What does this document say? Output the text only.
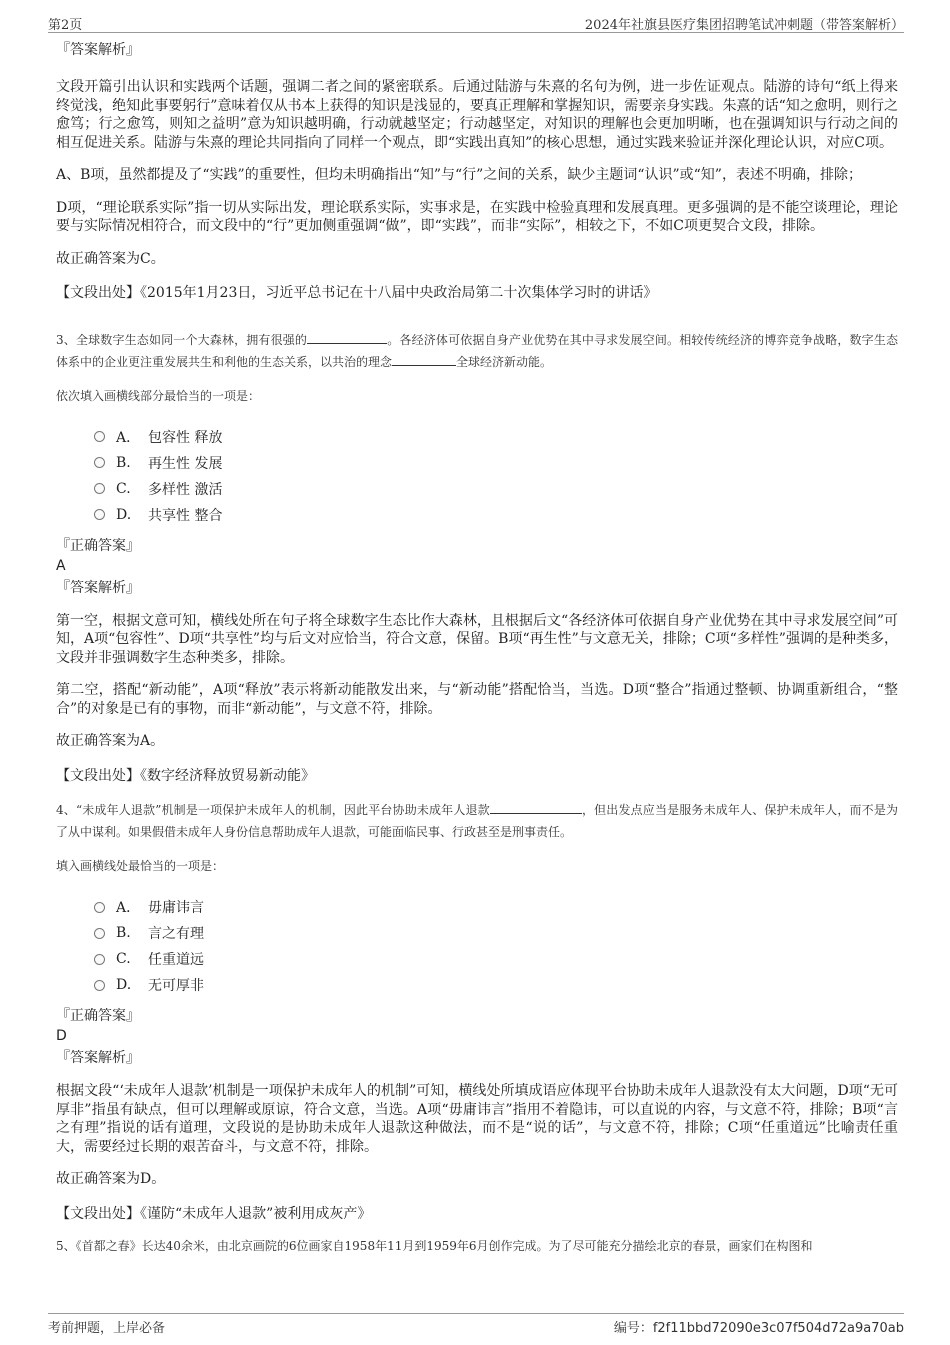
第2页	2024年社旗县医疗集团招聘笔试冲刺题（带答案解析）

『答案解析』

文段开篇引出认识和实践两个话题，强调二者之间的紧密联系。后通过陆游与朱熹的名句为例，进一步佐证观点。陆游的诗句“纸上得来终觉浅，绝知此事要躬行”意味着仅从书本上获得的知识是浅显的，要真正理解和掌握知识，需要亲身实践。朱熹的话“知之愈明，则行之愈笃；行之愈笃，则知之益明”意为知识越明确，行动就越坚定；行动越坚定，对知识的理解也会更加明晰，也在强调知识与行动之间的相互促进关系。陆游与朱熹的理论共同指向了同样一个观点，即“实践出真知”的核心思想，通过实践来验证并深化理论认识，对应C项。

A、B项，虽然都提及了“实践”的重要性，但均未明确指出“知”与“行”之间的关系，缺少主题词“认识”或“知”，表述不明确，排除；

D项，“理论联系实际”指一切从实际出发，理论联系实际，实事求是，在实践中检验真理和发展真理。更多强调的是不能空谈理论，理论要与实际情况相符合，而文段中的“行”更加侧重强调“做”，即“实践”，而非“实际”，相较之下，不如C项更契合文段，排除。

故正确答案为C。

【文段出处】《2015年1月23日，习近平总书记在十八届中央政治局第二十次集体学习时的讲话》

3、全球数字生态如同一个大森林，拥有很强的	。各经济体可依据自身产业优势在其中寻求发展空间。相较传统经济的博弈竞争战略，数字生态体系中的企业更注重发展共生和利他的生态关系，以共治的理念	全球经济新动能。

依次填入画横线部分最恰当的一项是：

A． 包容性 释放
B.	再生性 发展
C.	多样性 激活
D.	共享性 整合

『正确答案』

A

『答案解析』

第一空，根据文意可知，横线处所在句子将全球数字生态比作大森林，且根据后文“各经济体可依据自身产业优势在其中寻求发展空间”可知，A项“包容性”、D项“共享性”均与后文对应恰当，符合文意，保留。B项“再生性”与文意无关，排除；C项“多样性”强调的是种类多，文段并非强调数字生态种类多，排除。

第二空，搭配“新动能”，A项“释放”表示将新动能散发出来，与“新动能”搭配恰当，当选。D项“整合”指通过整顿、协调重新组合，“整合”的对象是已有的事物，而非“新动能”，与文意不符，排除。

故正确答案为A。

【文段出处】《数字经济释放贸易新动能》

4、“未成年人退款”机制是一项保护未成年人的机制，因此平台协助未成年人退款	，但出发点应当是服务未成年人、保护未成年人，而不是为了从中谋利。如果假借未成年人身份信息帮助成年人退款，可能面临民事、行政甚至是刑事责任。

填入画横线处最恰当的一项是：

A． 毋庸讳言
B.	言之有理
C.	任重道远
D.	无可厚非

『正确答案』

D

『答案解析』

根据文段“‘未成年人退款’机制是一项保护未成年人的机制”可知，横线处所填成语应体现平台协助未成年人退款没有太大问题，D项“无可厚非”指虽有缺点，但可以理解或原谅，符合文意，当选。A项“毋庸讳言”指用不着隐讳，可以直说的内容，与文意不符，排除；B项“言之有理”指说的话有道理，文段说的是协助未成年人退款这种做法，而不是“说的话”，与文意不符，排除；C项“任重道远”比喻责任重大，需要经过长期的艰苦奋斗，与文意不符，排除。

故正确答案为D。

【文段出处】《谨防“未成年人退款”被利用成灰产》

5、《首都之春》长达40余米，由北京画院的6位画家自1958年11月到1959年6月创作完成。为了尽可能充分描绘北京的春景，画家们在构图和

考前押题，上岸必备	编号：f2f11bbd72090e3c07f504d72a9a70ab
